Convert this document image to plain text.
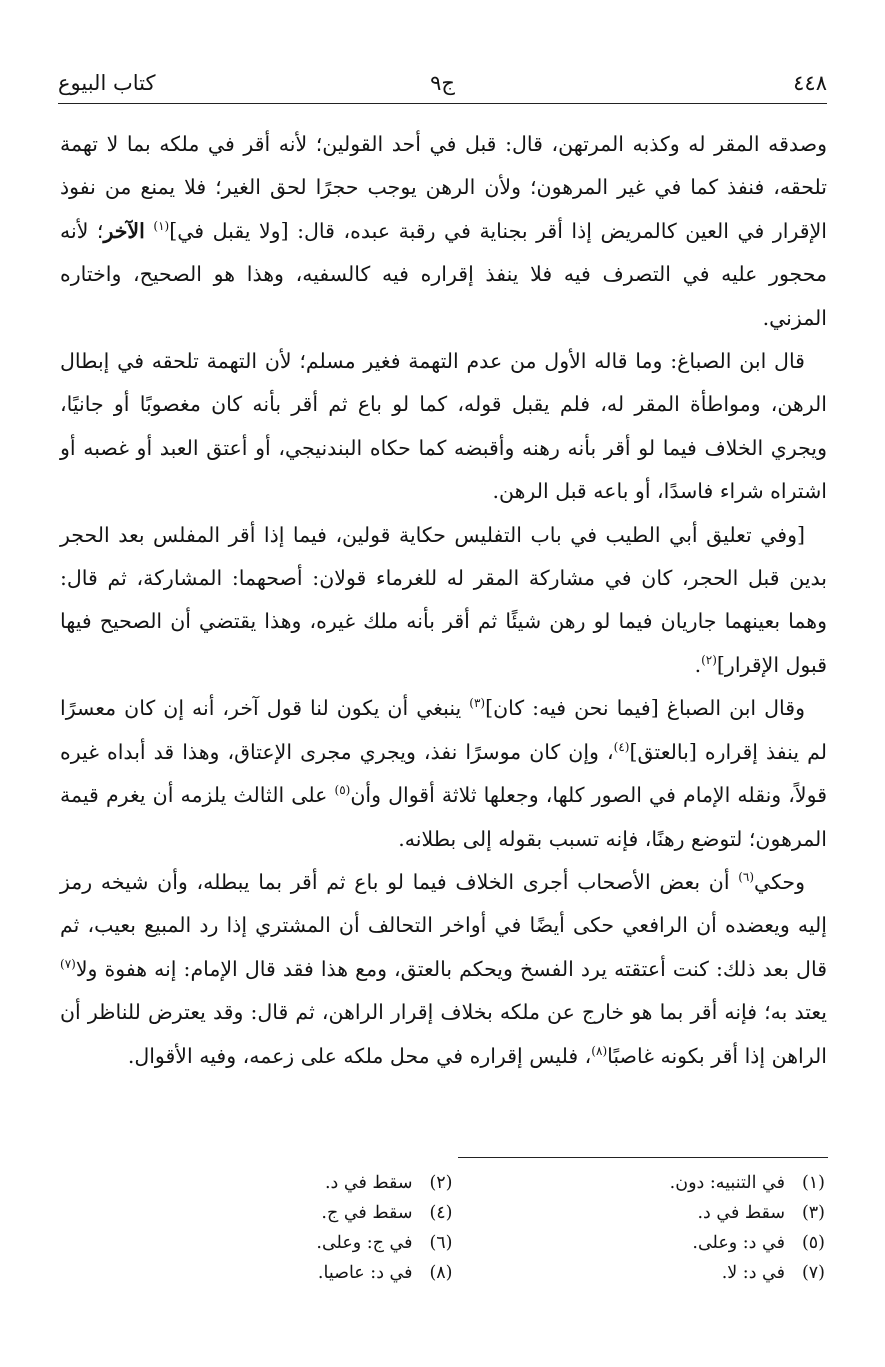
٤٤٨
ج٩
كتاب البيوع

وصدقه المقر له وكذبه المرتهن، قال: قبل في أحد القولين؛ لأنه أقر في ملكه بما لا تهمة تلحقه، فنفذ كما في غير المرهون؛ ولأن الرهن يوجب حجرًا لحق الغير؛ فلا يمنع من نفوذ الإقرار في العين كالمريض إذا أقر بجناية في رقبة عبده، قال: [ولا يقبل في]$^{(١)}$ الآخر؛ لأنه محجور عليه في التصرف فيه فلا ينفذ إقراره فيه كالسفيه، وهذا هو الصحيح، واختاره المزني.

قال ابن الصباغ: وما قاله الأول من عدم التهمة فغير مسلم؛ لأن التهمة تلحقه في إبطال الرهن، ومواطأة المقر له، فلم يقبل قوله، كما لو باع ثم أقر بأنه كان مغصوبًا أو جانيًا، ويجري الخلاف فيما لو أقر بأنه رهنه وأقبضه كما حكاه البندنيجي، أو أعتق العبد أو غصبه أو اشتراه شراء فاسدًا، أو باعه قبل الرهن.

[وفي تعليق أبي الطيب في باب التفليس حكاية قولين، فيما إذا أقر المفلس بعد الحجر بدين قبل الحجر، كان في مشاركة المقر له للغرماء قولان: أصحهما: المشاركة، ثم قال: وهما بعينهما جاريان فيما لو رهن شيئًا ثم أقر بأنه ملك غيره، وهذا يقتضي أن الصحيح فيها قبول الإقرار]$^{(٢)}$.

وقال ابن الصباغ [فيما نحن فيه: كان]$^{(٣)}$ ينبغي أن يكون لنا قول آخر، أنه إن كان معسرًا لم ينفذ إقراره [بالعتق]$^{(٤)}$، وإن كان موسرًا نفذ، ويجري مجرى الإعتاق، وهذا قد أبداه غيره قولاً، ونقله الإمام في الصور كلها، وجعلها ثلاثة أقوال وأن$^{(٥)}$ على الثالث يلزمه أن يغرم قيمة المرهون؛ لتوضع رهنًا، فإنه تسبب بقوله إلى بطلانه.

وحكي$^{(٦)}$ أن بعض الأصحاب أجرى الخلاف فيما لو باع ثم أقر بما يبطله، وأن شيخه رمز إليه ويعضده أن الرافعي حكى أيضًا في أواخر التحالف أن المشتري إذا رد المبيع بعيب، ثم قال بعد ذلك: كنت أعتقته يرد الفسخ ويحكم بالعتق، ومع هذا فقد قال الإمام: إنه هفوة ولا$^{(٧)}$ يعتد به؛ فإنه أقر بما هو خارج عن ملكه بخلاف إقرار الراهن، ثم قال: وقد يعترض للناظر أن الراهن إذا أقر بكونه غاصبًا$^{(٨)}$، فليس إقراره في محل ملكه على زعمه، وفيه الأقوال.

(١)في التنبيه: دون.
(٢)سقط في د.
(٣)سقط في د.
(٤)سقط في ج.
(٥)في د: وعلى.
(٦)في ج: وعلى.
(٧)في د: لا.
(٨)في د: عاصيا.
